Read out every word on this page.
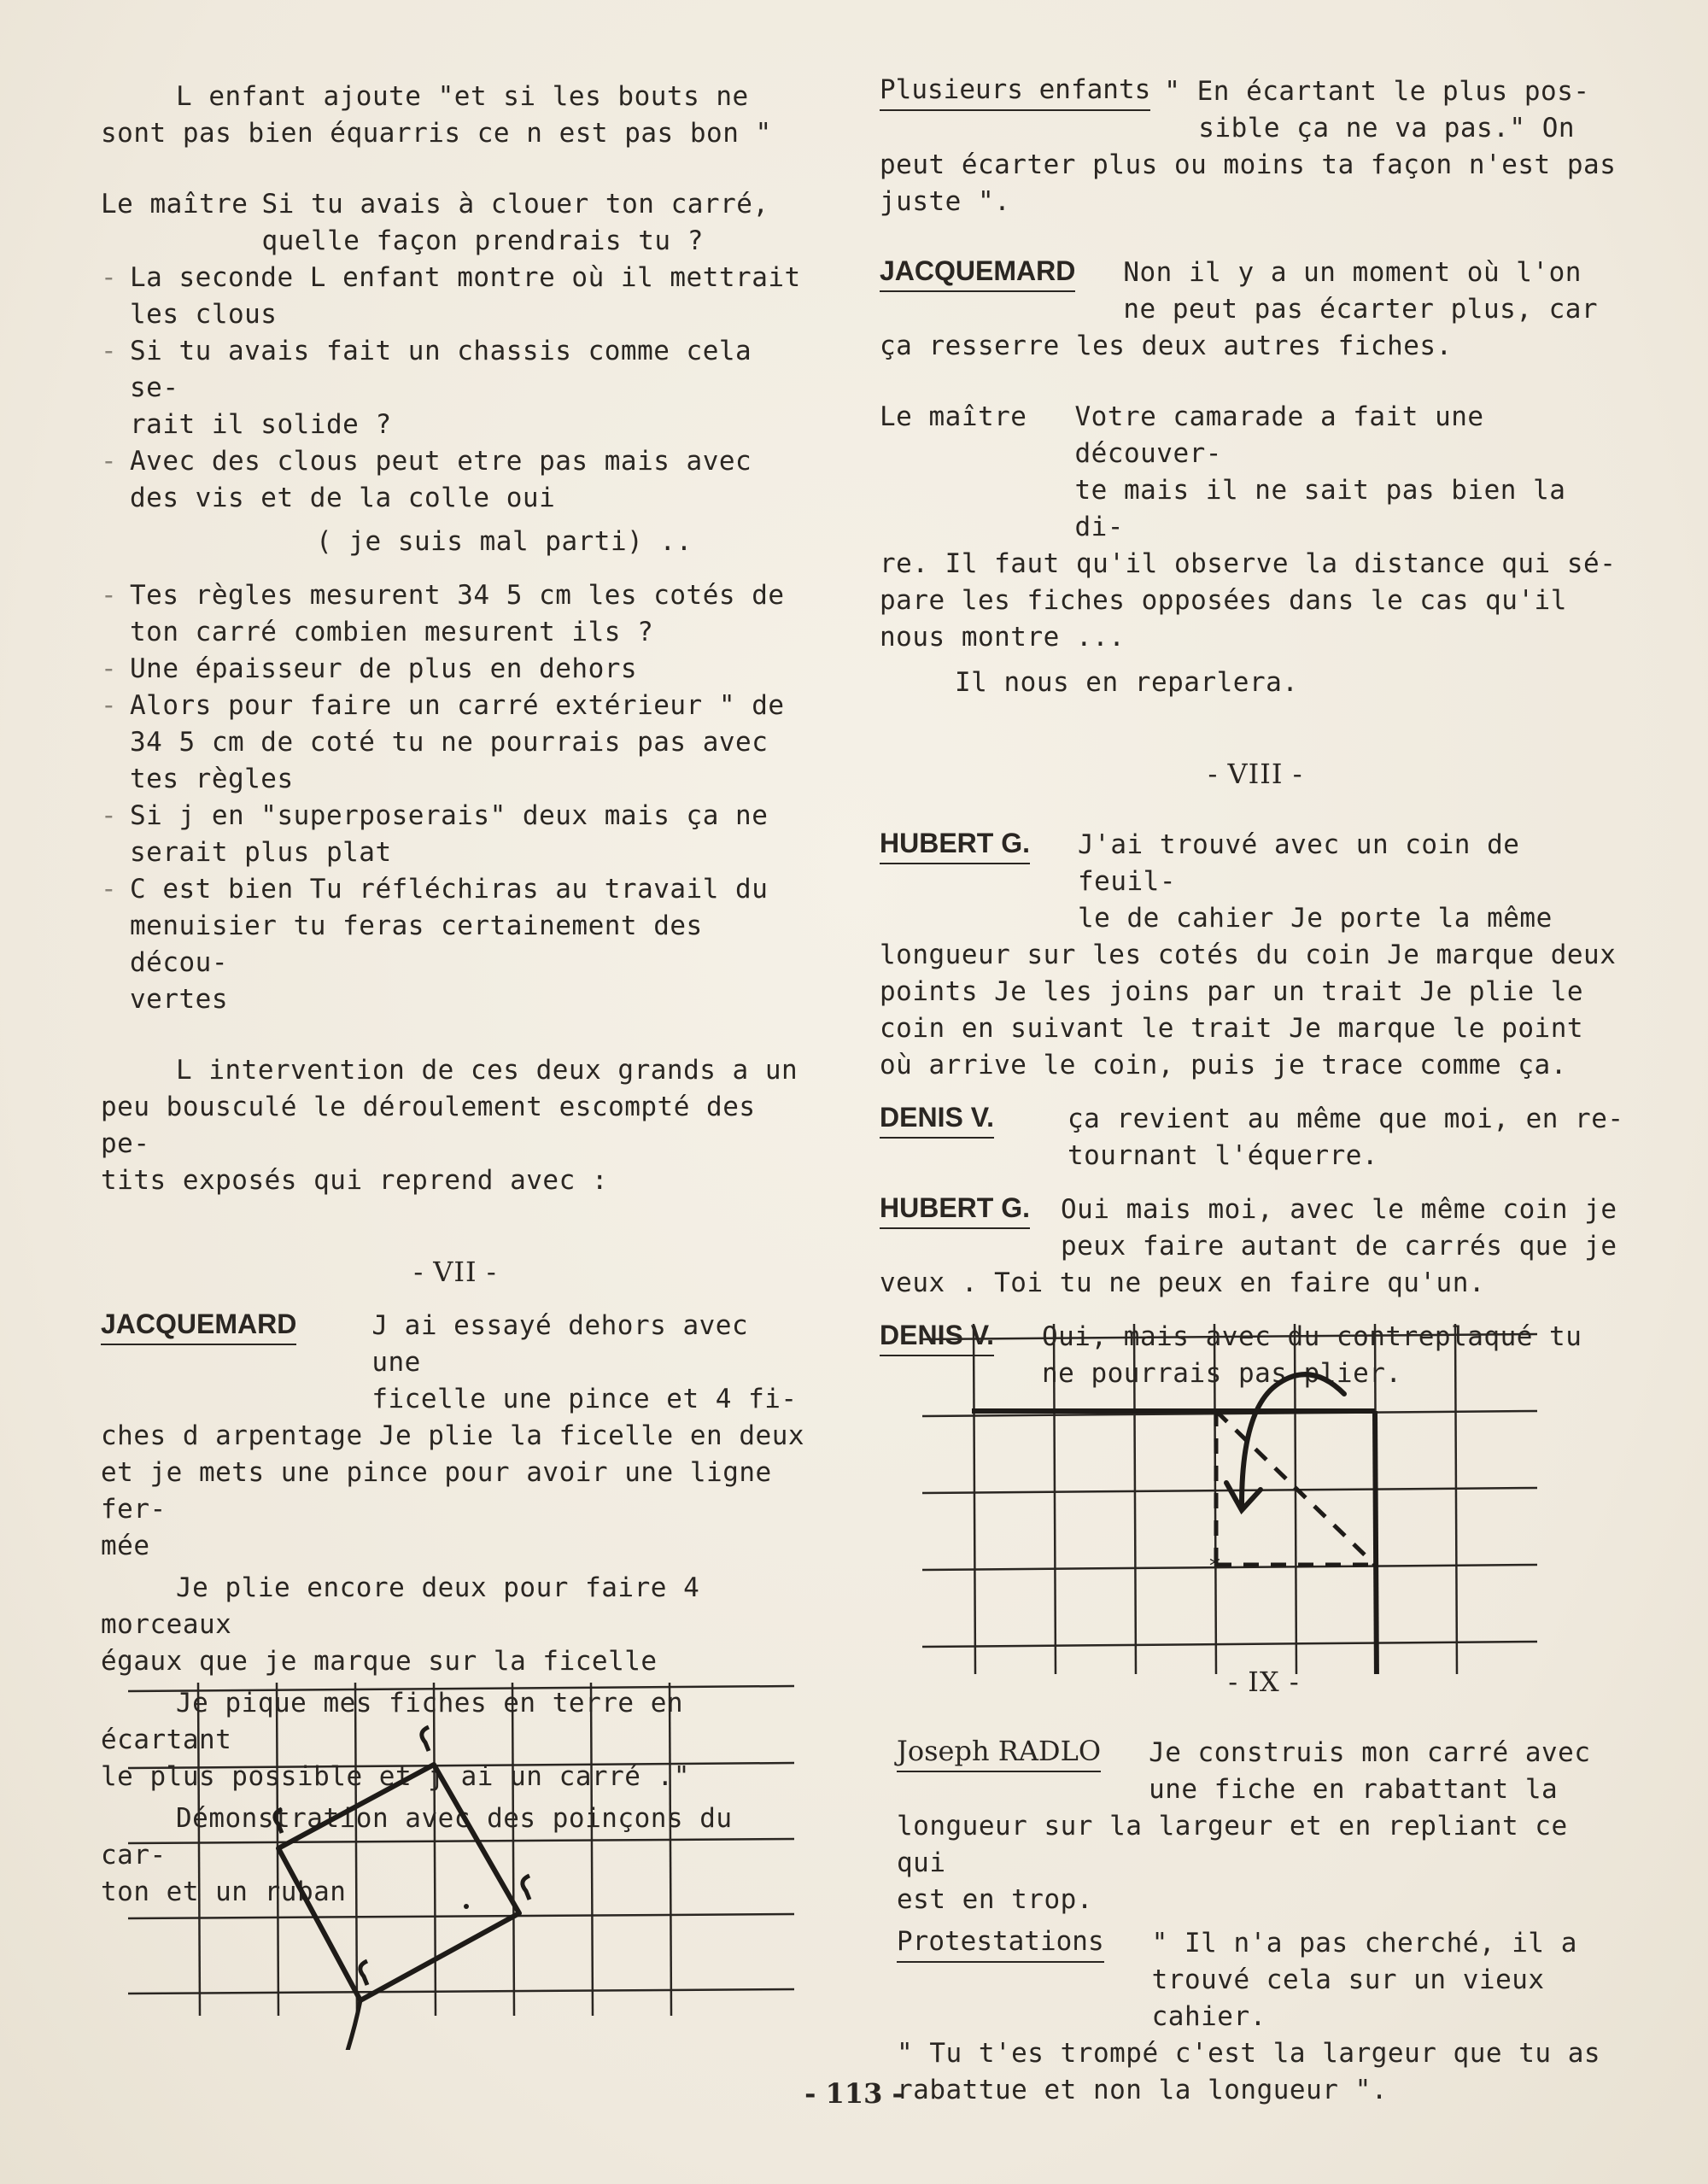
L enfant ajoute "et si les bouts ne
sont pas bien équarris ce n est pas bon "

Le maître Si tu avais à clouer ton carré,
quelle façon prendrais tu ?

- La seconde L enfant montre où il mettrait
les clous

- Si tu avais fait un chassis comme cela se-
rait il solide ?

- Avec des clous peut etre pas mais avec
des vis et de la colle oui

( je suis mal parti) ..

- Tes règles mesurent 34 5 cm les cotés de
ton carré combien mesurent ils ?

- Une épaisseur de plus en dehors

- Alors pour faire un carré extérieur " de
34 5 cm de coté tu ne pourrais pas avec
tes règles

- Si j en "superposerais" deux mais ça ne
serait plus plat

- C est bien Tu réfléchiras au travail du
menuisier tu feras certainement des décou-
vertes

L intervention de ces deux grands a un
peu bousculé le déroulement escompté des pe-
tits exposés qui reprend avec :

- VII -

JACQUEMARD	J ai essayé dehors avec une
ficelle une pince et 4 fi-

ches d arpentage Je plie la ficelle en deux
et je mets une pince pour avoir une ligne fer-
mée

Je plie encore deux pour faire 4 morceaux
égaux que je marque sur la ficelle

Je pique mes fiches en terre en écartant
le plus possible et j ai un carré ."

Démonstration avec des poinçons du car-
ton et un ruban

Plusieurs enfants " En écartant le plus pos-
sible ça ne va pas." On

peut écarter plus ou moins ta façon n'est pas
juste ".

JACQUEMARD	Non il y a un moment où l'on
ne peut pas écarter plus, car

ça resserre les deux autres fiches.

Le maître	Votre camarade a fait une découver-
te mais il ne sait pas bien la di-

re. Il faut qu'il observe la distance qui sé-
pare les fiches opposées dans le cas qu'il
nous montre ...

Il nous en reparlera.

- VIII -

HUBERT G.	J'ai trouvé avec un coin de feuil-
le de cahier Je porte la même

longueur sur les cotés du coin Je marque deux
points Je les joins par un trait Je plie le
coin en suivant le trait Je marque le point
où arrive le coin, puis je trace comme ça.

DENIS V.	ça revient au même que moi, en re-
tournant l'équerre.

HUBERT G.	Oui mais moi, avec le même coin je
peux faire autant de carrés que je

veux . Toi tu ne peux en faire qu'un.

DENIS V.	Oui, mais avec du contreplaqué tu
ne pourrais pas plier.

*

- IX -

Joseph RADLO	Je construis mon carré avec
une fiche en rabattant la

longueur sur la largeur et en repliant ce qui
est en trop.

Protestations	" Il n'a pas cherché, il a
trouvé cela sur un vieux cahier.

" Tu t'es trompé c'est la largeur que tu as
rabattue et non la longueur ".

- 113 -
